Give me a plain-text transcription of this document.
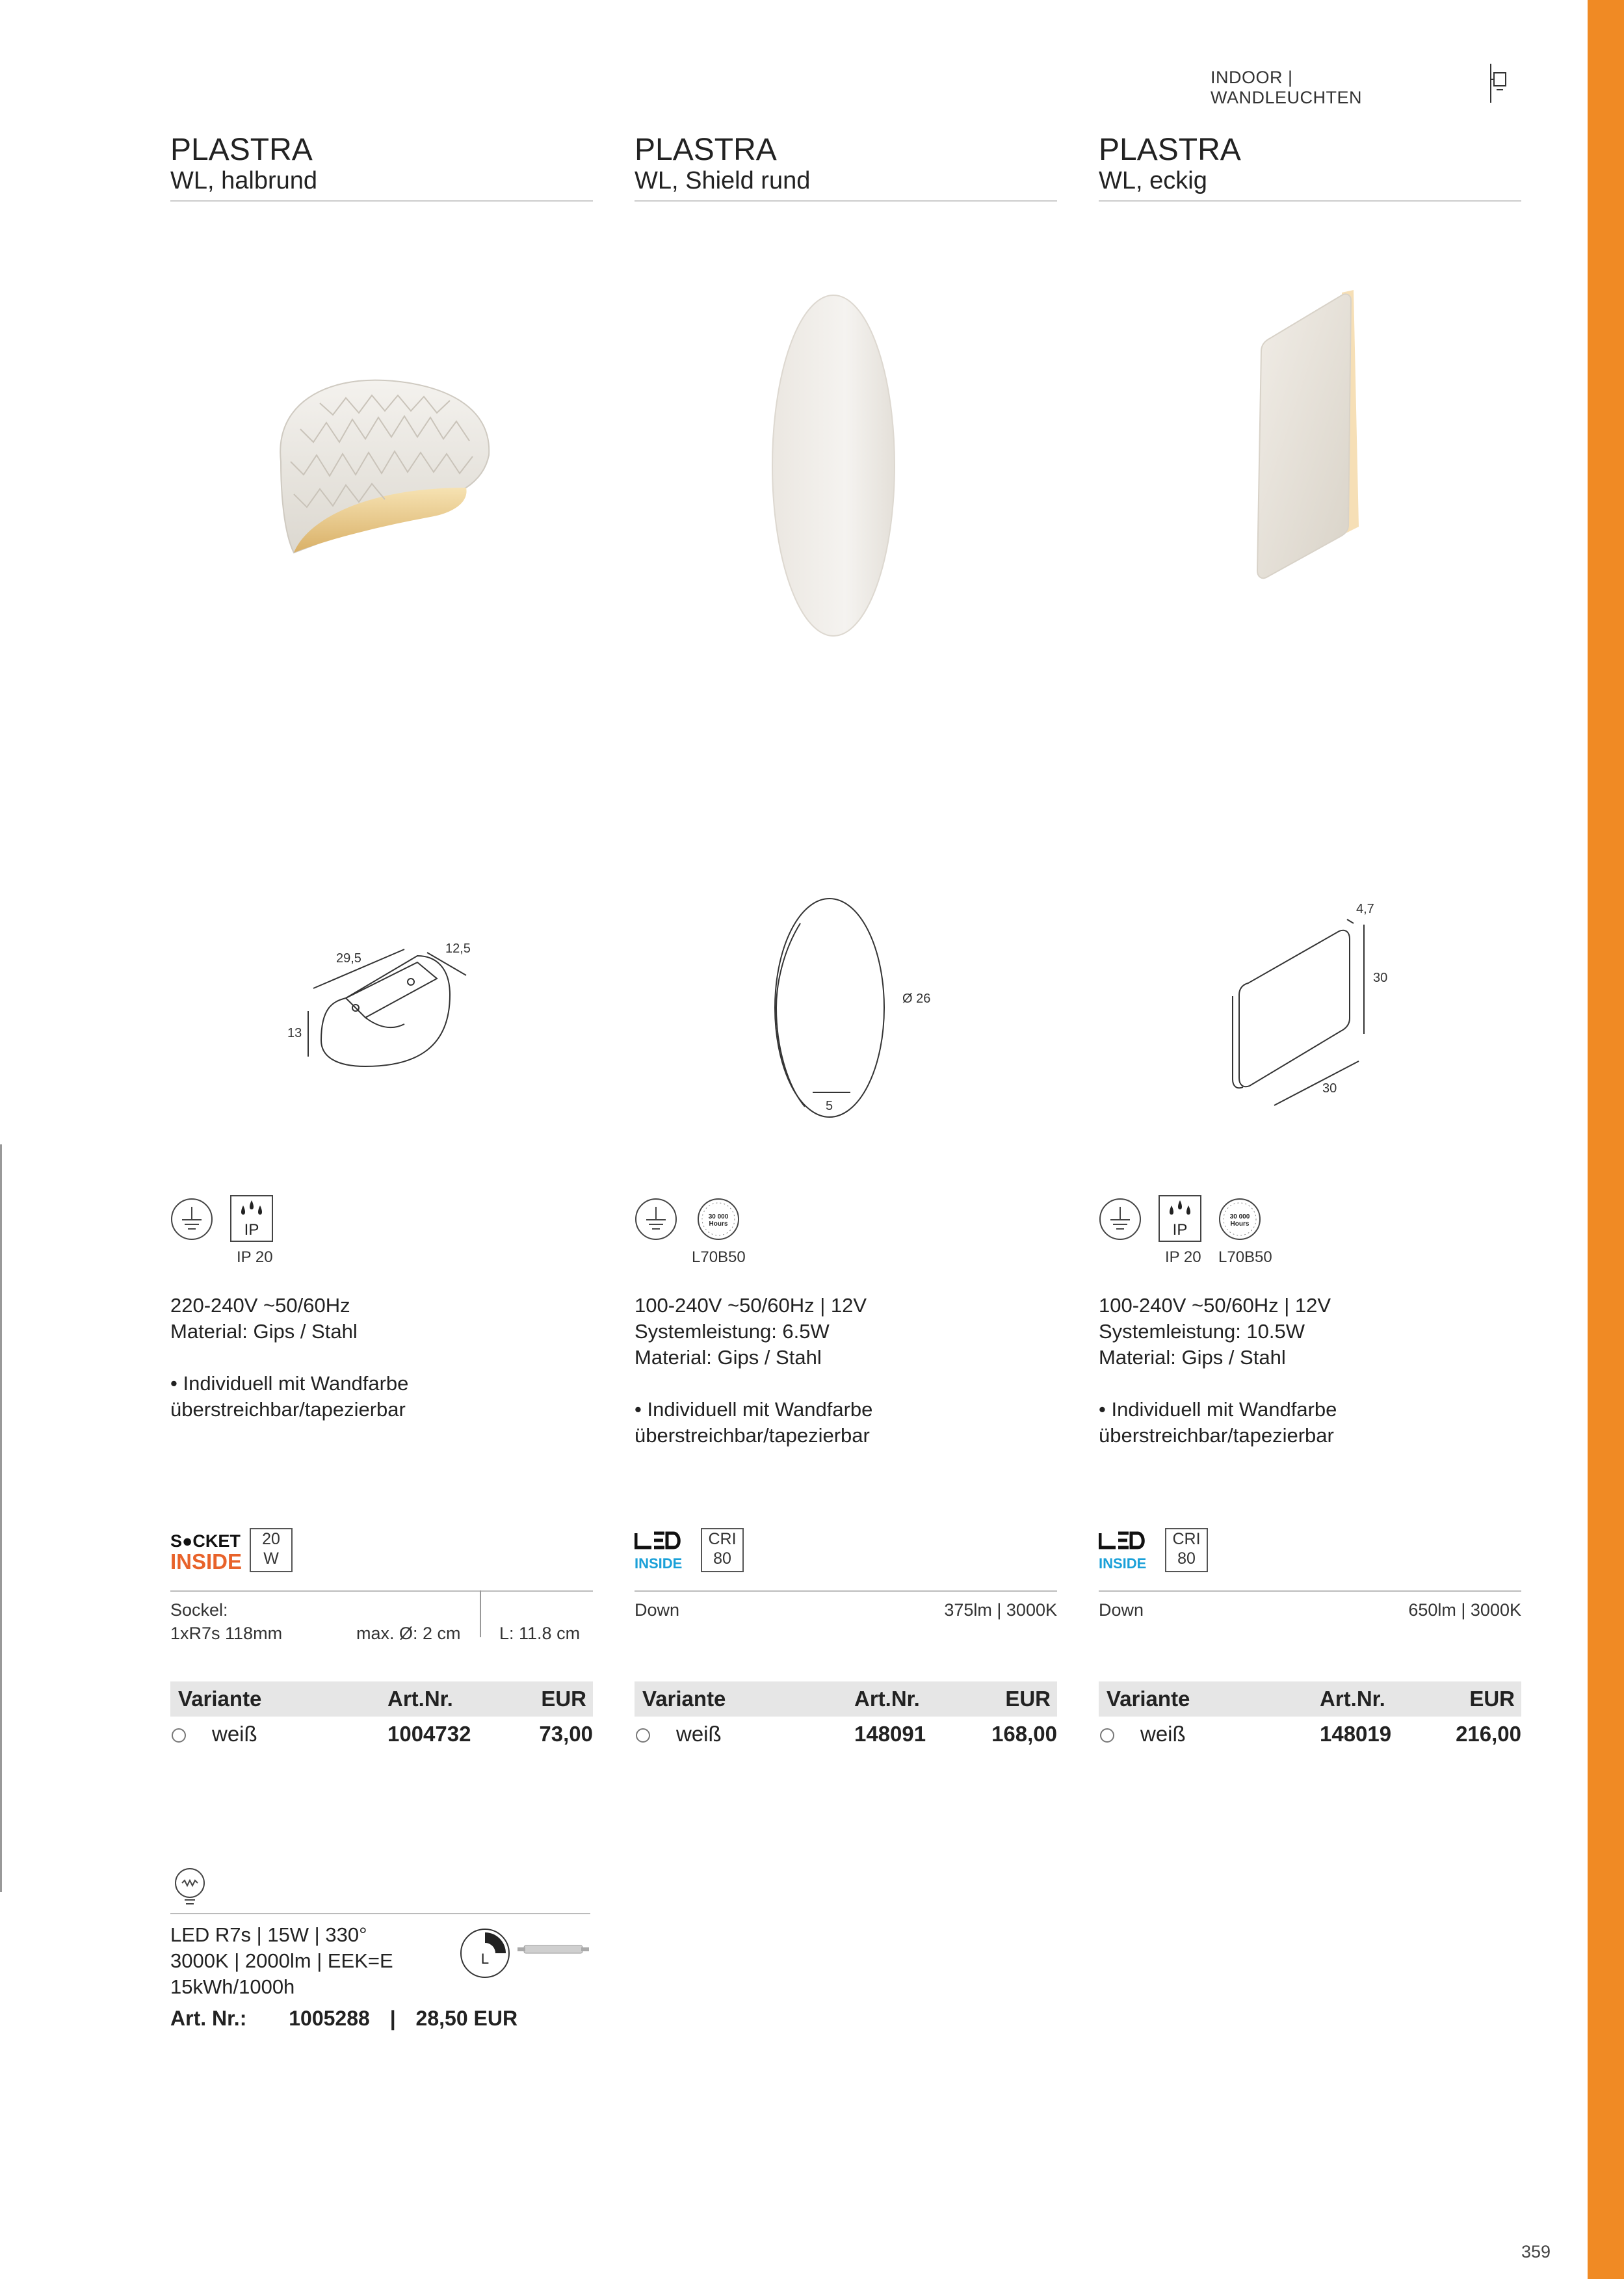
INDOOR | WANDLEUCHTEN
PLASTRA
WL, halbrund
29,5
12,5
13
IP
IP 20

220-240V ~50/60Hz

Material: Gips / Stahl

• Individuell mit Wandfarbe

überstreichbar/tapezierbar

S●CKET
INSIDE
20
W
Sockel:
1xR7s 118mm	max. Ø: 2 cm L: 11.8 cm
Variante	Art.Nr.	EUR
weiß	1004732	73,00
PLASTRA
WL, Shield rund
Ø 26
5
30 000
Hours
L70B50

100-240V ~50/60Hz | 12V

Systemleistung: 6.5W

Material: Gips / Stahl

• Individuell mit Wandfarbe

überstreichbar/tapezierbar

INSIDE
CRI
80
Down	375lm | 3000K
Variante	Art.Nr.	EUR
weiß	148091	168,00
PLASTRA
WL, eckig
4,7
30
30
IP
30 000
Hours
IP 20 L70B50

100-240V ~50/60Hz | 12V

Systemleistung: 10.5W

Material: Gips / Stahl

• Individuell mit Wandfarbe

überstreichbar/tapezierbar

INSIDE
CRI
80
Down	650lm | 3000K
Variante	Art.Nr.	EUR
weiß	148019	216,00

LED R7s | 15W | 330°

3000K | 2000lm | EEK=E

15kWh/1000h

L
Art. Nr.: 1005288 | 28,50 EUR
359
